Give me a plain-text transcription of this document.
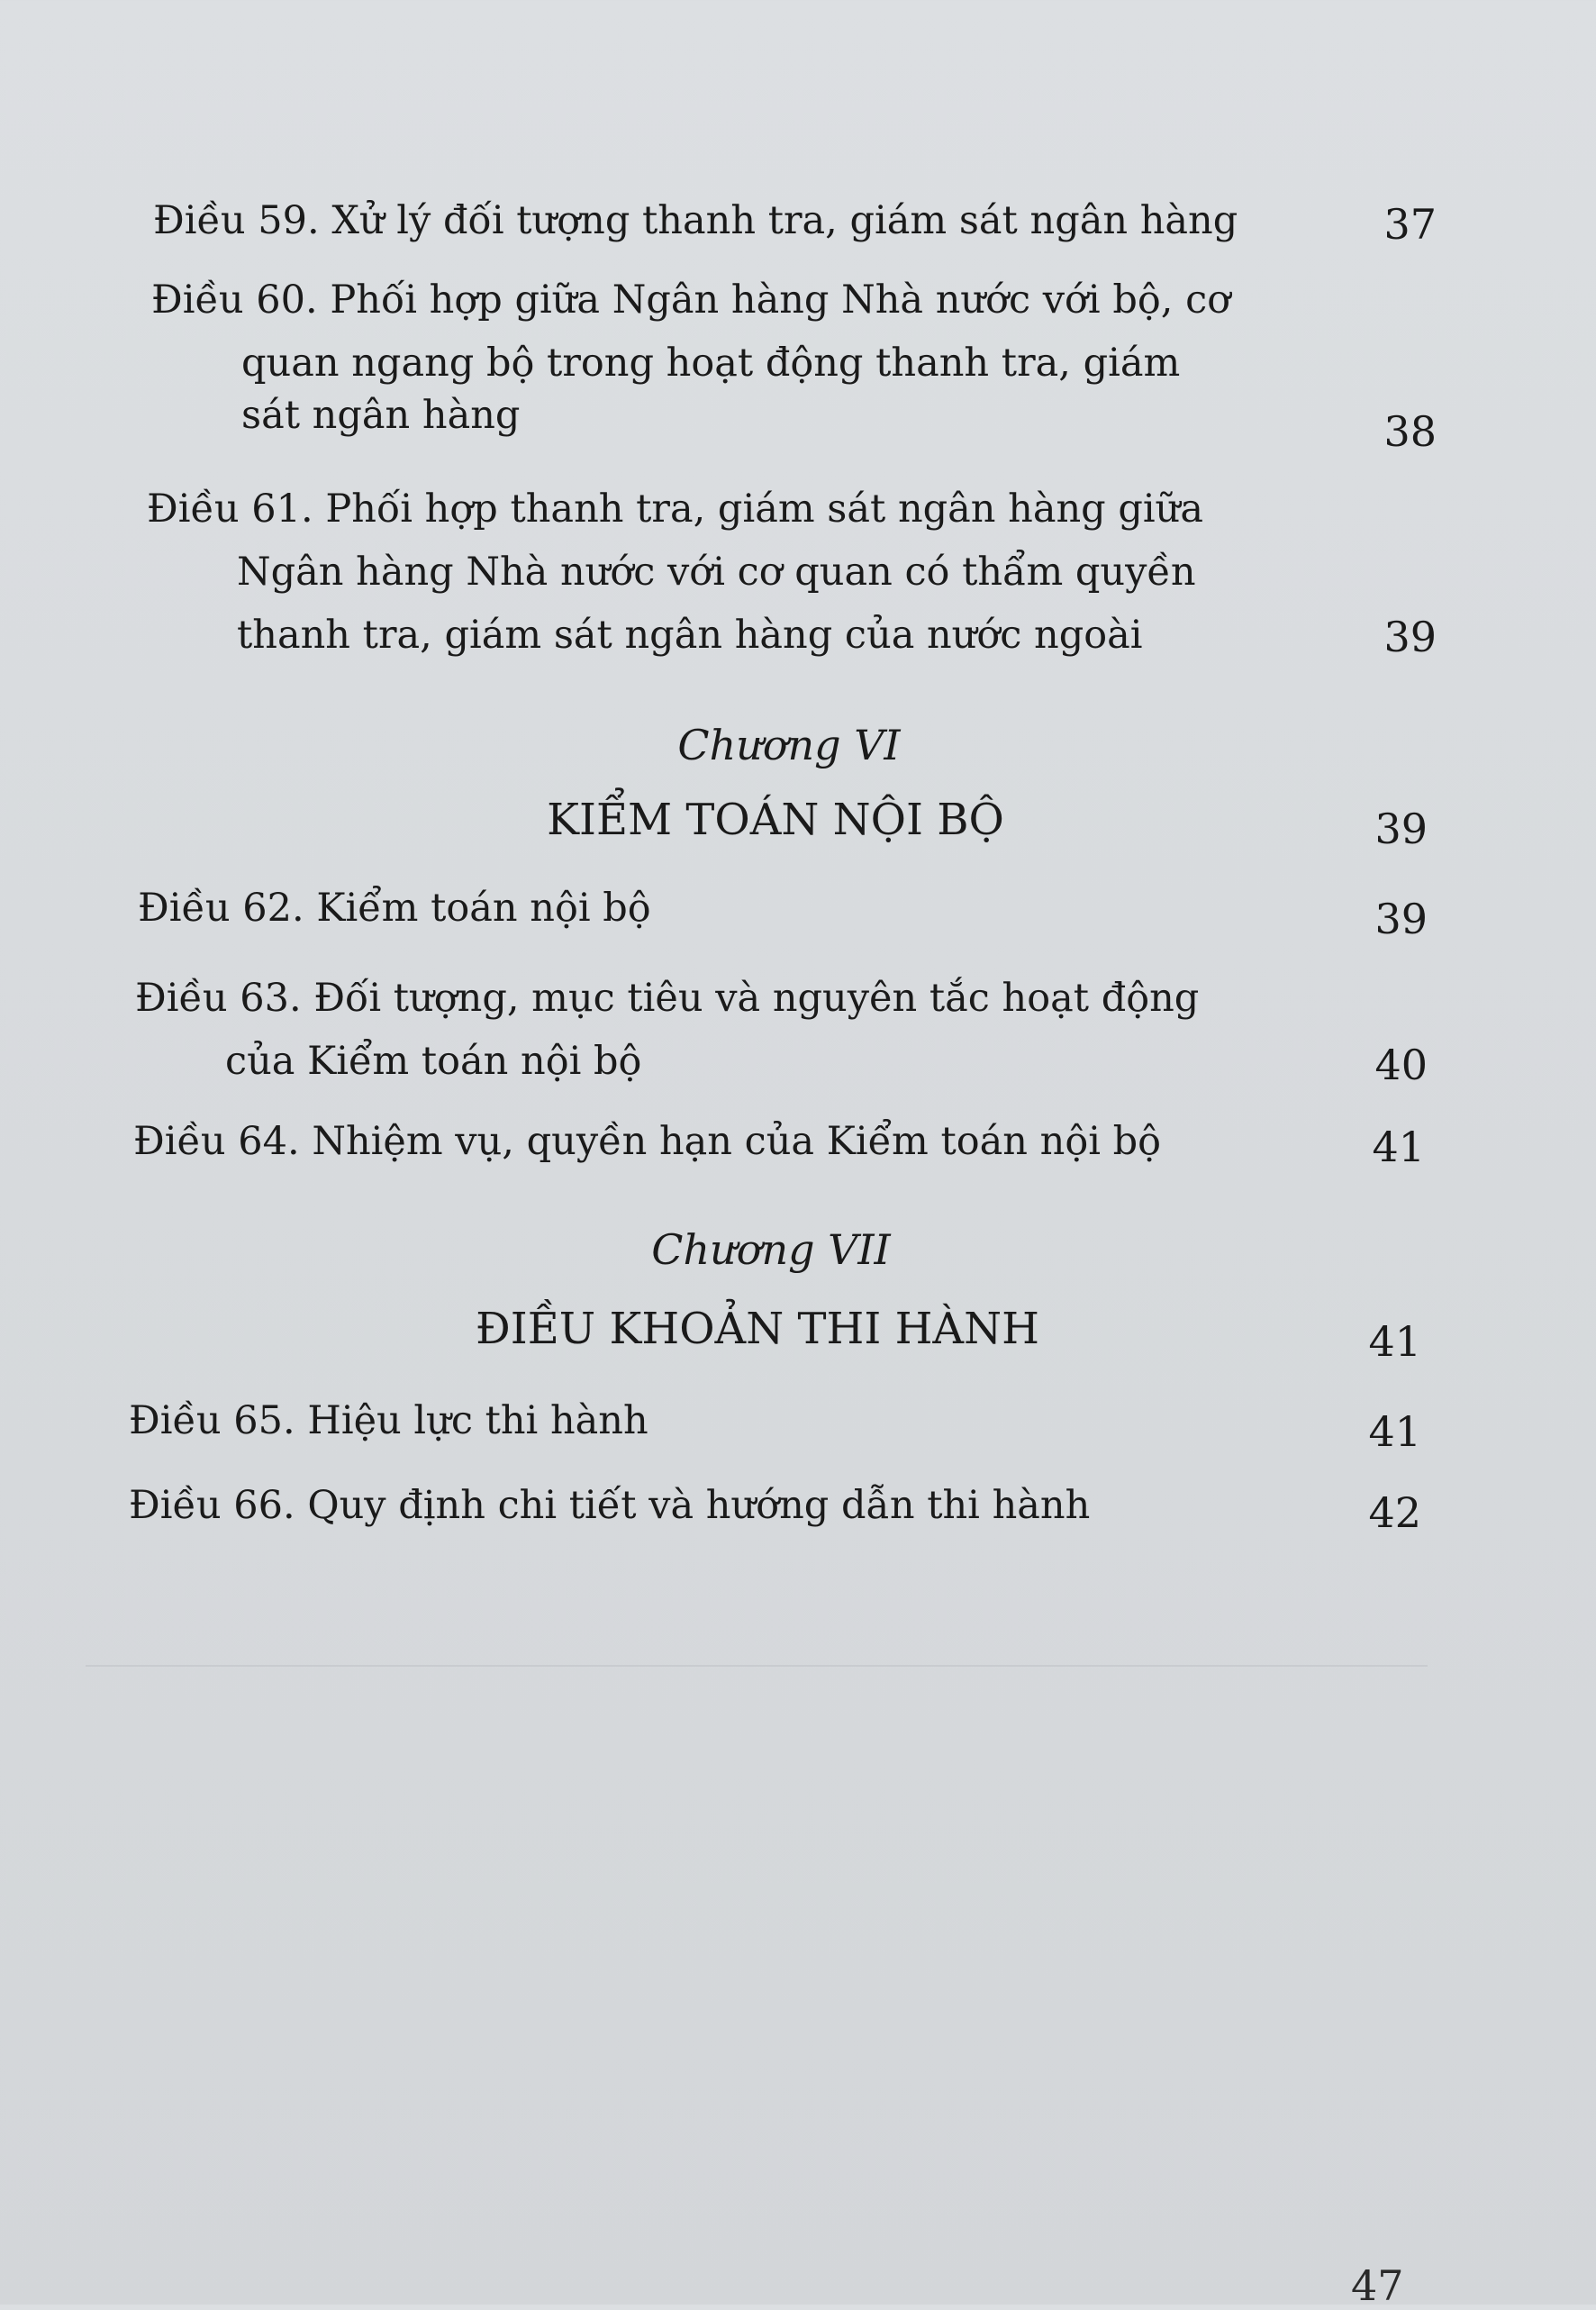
Điều 59. Xử lý đối tượng thanh tra, giám sát ngân hàng	37
Điều 60. Phối hợp giữa Ngân hàng Nhà nước với bộ, cơ
quan ngang bộ trong hoạt động thanh tra, giám
sát ngân hàng	38
Điều 61. Phối hợp thanh tra, giám sát ngân hàng giữa
Ngân hàng Nhà nước với cơ quan có thẩm quyền
thanh tra, giám sát ngân hàng của nước ngoài	39
Chương VI
KIỂM TOÁN NỘI BỘ	39
Điều 62. Kiểm toán nội bộ	39
Điều 63. Đối tượng, mục tiêu và nguyên tắc hoạt động
của Kiểm toán nội bộ	40
Điều 64. Nhiệm vụ, quyền hạn của Kiểm toán nội bộ	41
Chương VII
ĐIỀU KHOẢN THI HÀNH	41
Điều 65. Hiệu lực thi hành	41
Điều 66. Quy định chi tiết và hướng dẫn thi hành	42
47
